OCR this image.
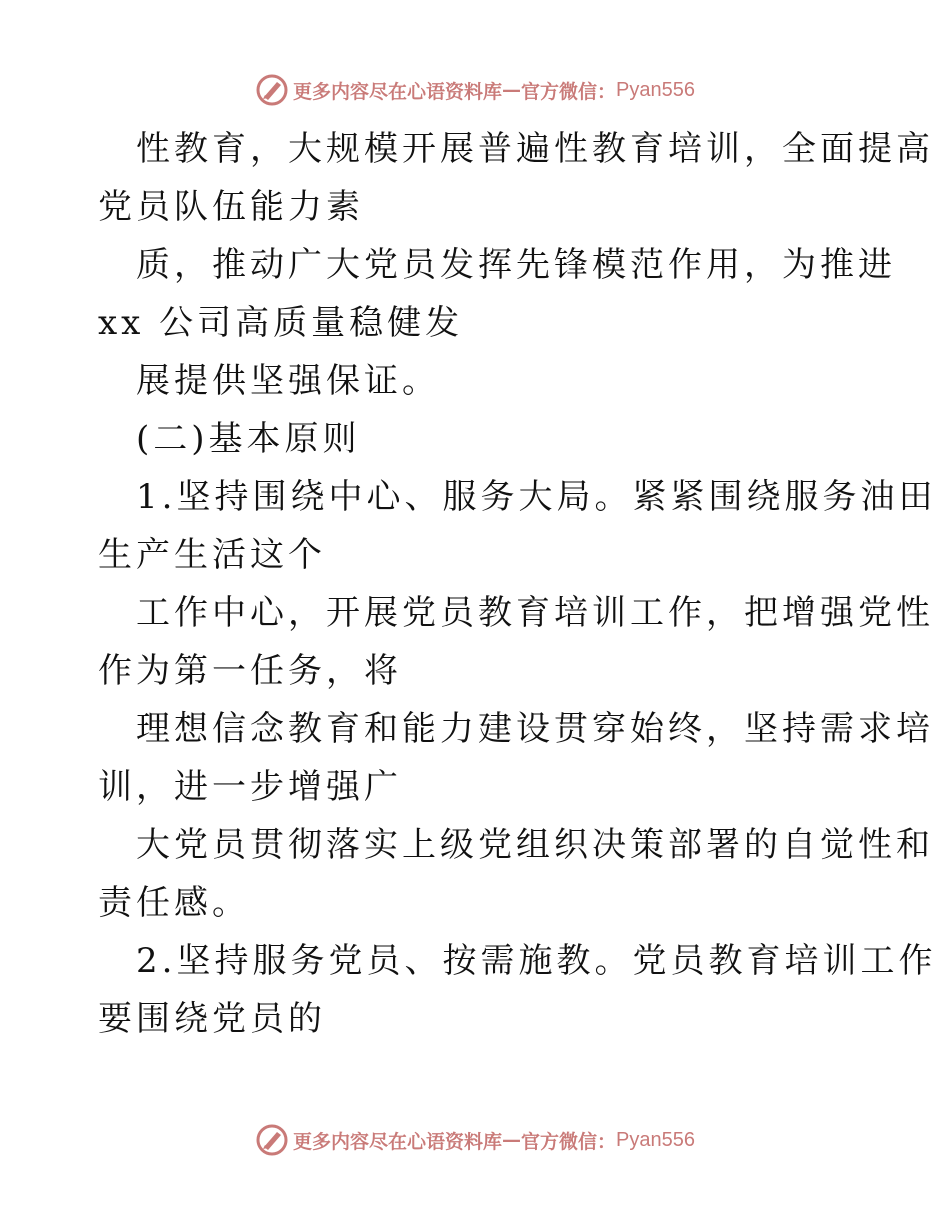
更多内容尽在心语资料库 — 官方微信： Pyan556
性教育，大规模开展普遍性教育培训，全面提高
党员队伍能力素
质，推动广大党员发挥先锋模范作用，为推进
xx 公司高质量稳健发
展提供坚强保证。
(二)基本原则
1.坚持围绕中心、服务大局。紧紧围绕服务油田
生产生活这个
工作中心，开展党员教育培训工作，把增强党性
作为第一任务，将
理想信念教育和能力建设贯穿始终，坚持需求培
训，进一步增强广
大党员贯彻落实上级党组织决策部署的自觉性和
责任感。
2.坚持服务党员、按需施教。党员教育培训工作
要围绕党员的
更多内容尽在心语资料库 — 官方微信： Pyan556
